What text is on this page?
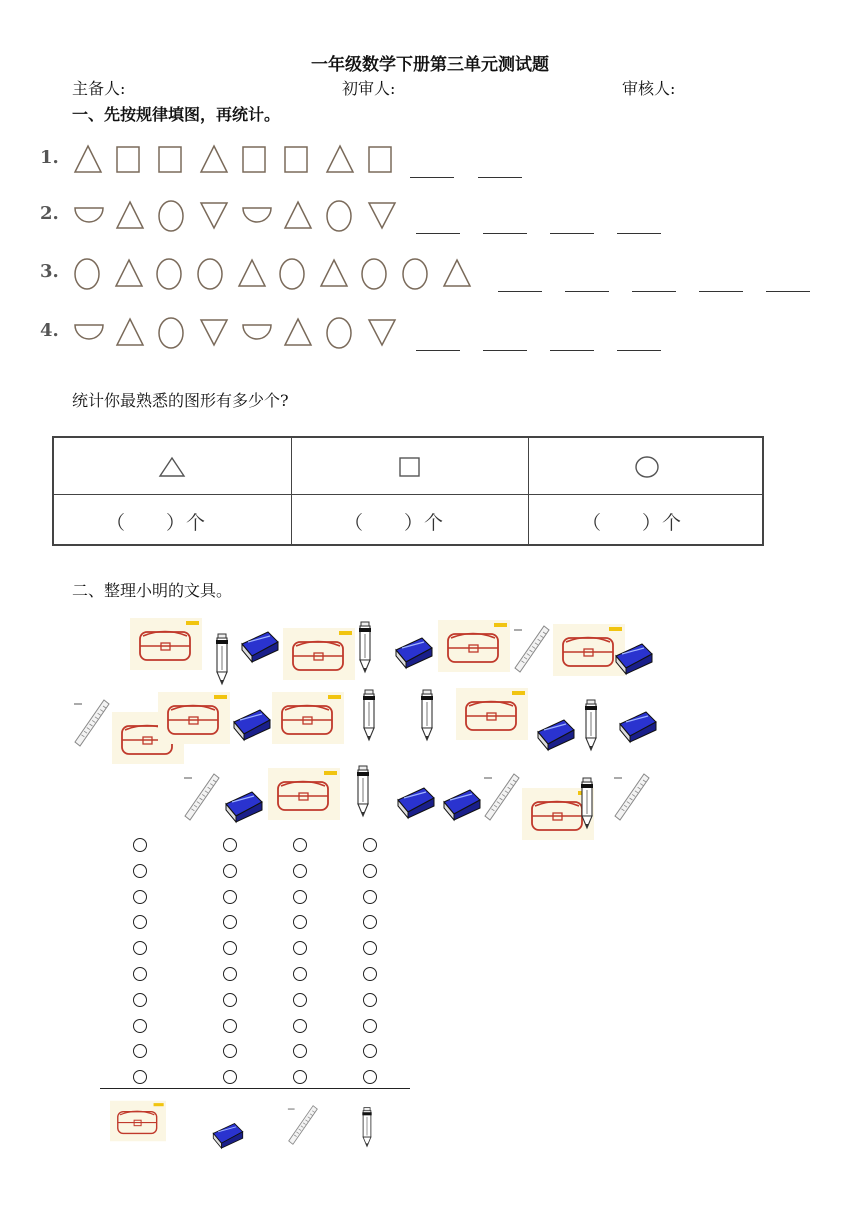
一年级数学下册第三单元测试题
主备人:	初审人:	审核人:
一、先按规律填图，再统计。
1.
2.
3.
4.
统计你最熟悉的图形有多少个?
（　　）个	（　　）个	（　　）个
二、整理小明的文具。
